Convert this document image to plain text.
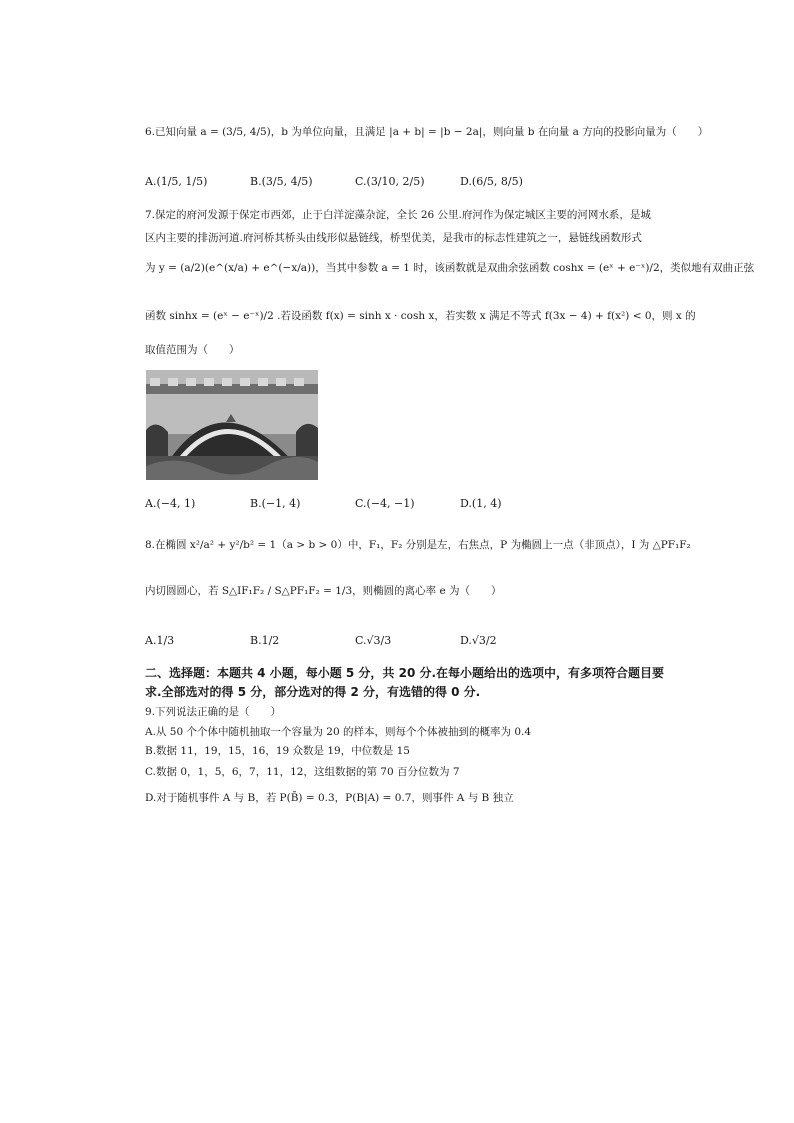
6.已知向量 a = (3/5, 4/5)，b 为单位向量，且满足 |a + b| = |b − 2a|，则向量 b 在向量 a 方向的投影向量为（　　）
A.(1/5, 1/5)	B.(3/5, 4/5)	C.(3/10, 2/5)	D.(6/5, 8/5)
7.保定的府河发源于保定市西郊，止于白洋淀藻杂淀，全长 26 公里.府河作为保定城区主要的河网水系，是城
区内主要的排沥河道.府河桥其桥头由线形似悬链线，桥型优美，是我市的标志性建筑之一，悬链线函数形式
为 y = (a/2)(e^(x/a) + e^(−x/a))，当其中参数 a = 1 时，该函数就是双曲余弦函数 coshx = (eˣ + e⁻ˣ)/2，类似地有双曲正弦
函数 sinhx = (eˣ − e⁻ˣ)/2 .若设函数 f(x) = sinh x · cosh x，若实数 x 满足不等式 f(3x − 4) + f(x²) < 0，则 x 的
取值范围为（　　）
A.(−4, 1)	B.(−1, 4)	C.(−4, −1)	D.(1, 4)
8.在椭圆 x²/a² + y²/b² = 1（a > b > 0）中，F₁，F₂ 分别是左，右焦点，P 为椭圆上一点（非顶点），I 为 △PF₁F₂
内切圆圆心，若 S△IF₁F₂ / S△PF₁F₂ = 1/3，则椭圆的离心率 e 为（　　）
A.1/3	B.1/2	C.√3/3	D.√3/2
二、选择题：本题共 4 小题，每小题 5 分，共 20 分.在每小题给出的选项中，有多项符合题目要
求.全部选对的得 5 分，部分选对的得 2 分，有选错的得 0 分.
9.下列说法正确的是（　　）
A.从 50 个个体中随机抽取一个容量为 20 的样本，则每个个体被抽到的概率为 0.4
B.数据 11，19，15，16，19 众数是 19，中位数是 15
C.数据 0，1，5，6，7，11，12，这组数据的第 70 百分位数为 7
D.对于随机事件 A 与 B，若 P(B̄) = 0.3，P(B|A) = 0.7，则事件 A 与 B 独立
